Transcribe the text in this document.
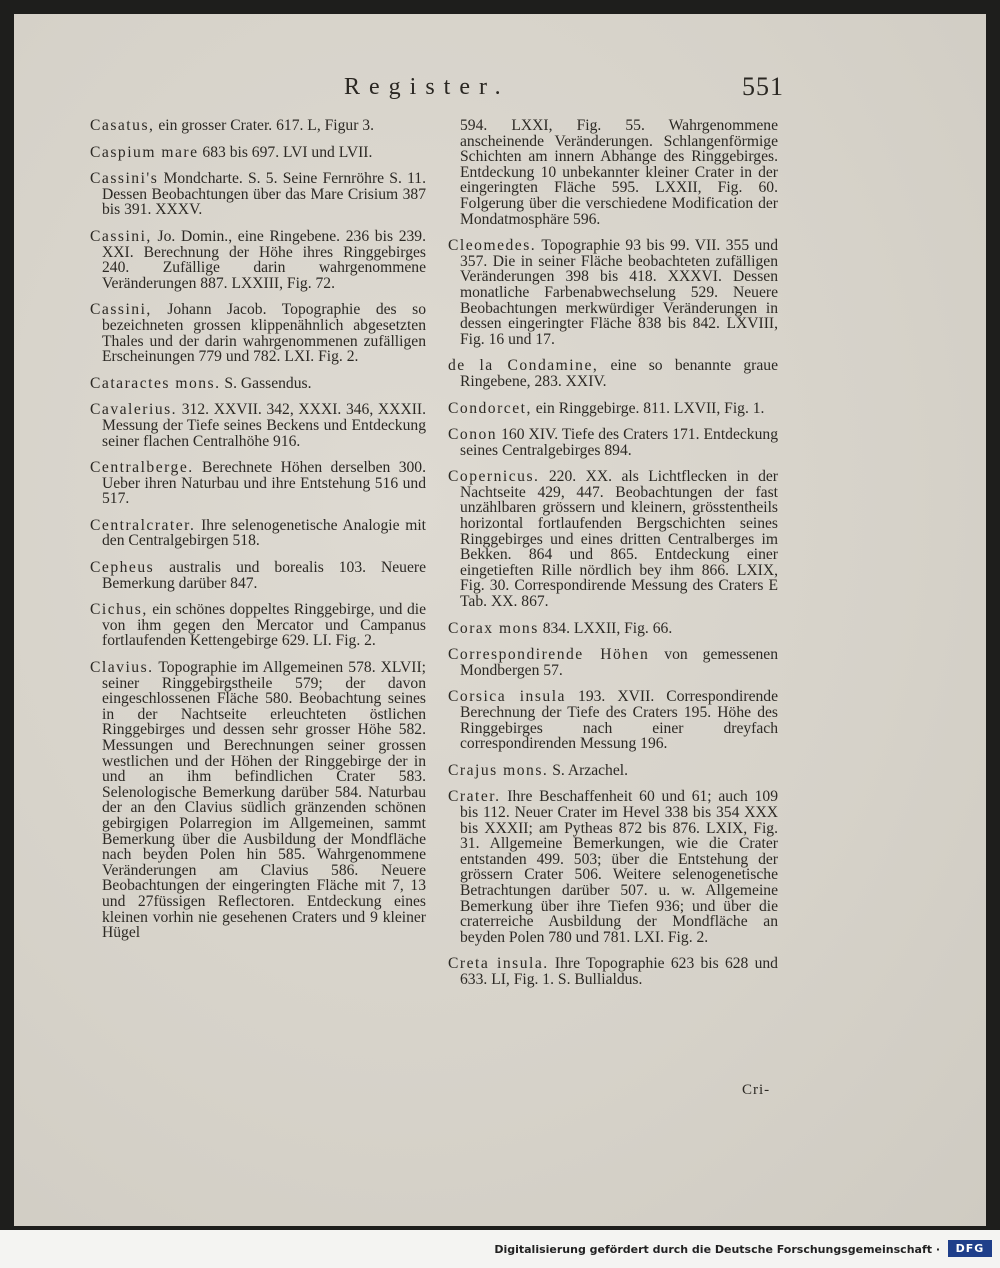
Register.	551
Casatus, ein grosser Crater. 617. L, Figur 3.
Caspium mare 683 bis 697. LVI und LVII.
Cassini's Mondcharte. S. 5. Seine Fernröhre S. 11. Dessen Beobachtungen über das Mare Crisium 387 bis 391. XXXV.
Cassini, Jo. Domin., eine Ringebene. 236 bis 239. XXI. Berechnung der Höhe ihres Ringgebirges 240. Zufällige darin wahrgenommene Veränderungen 887. LXXIII, Fig. 72.
Cassini, Johann Jacob. Topographie des so bezeichneten grossen klippenähnlich abgesetzten Thales und der darin wahrgenommenen zufälligen Erscheinungen 779 und 782. LXI. Fig. 2.
Cataractes mons. S. Gassendus.
Cavalerius. 312. XXVII. 342, XXXI. 346, XXXII. Messung der Tiefe seines Beckens und Entdeckung seiner flachen Centralhöhe 916.
Centralberge. Berechnete Höhen derselben 300. Ueber ihren Naturbau und ihre Entstehung 516 und 517.
Centralcrater. Ihre selenogenetische Analogie mit den Centralgebirgen 518.
Cepheus australis und borealis 103. Neuere Bemerkung darüber 847.
Cichus, ein schönes doppeltes Ringgebirge, und die von ihm gegen den Mercator und Campanus fortlaufenden Kettengebirge 629. LI. Fig. 2.
Clavius. Topographie im Allgemeinen 578. XLVII; seiner Ringgebirgstheile 579; der davon eingeschlossenen Fläche 580. Beobachtung seines in der Nachtseite erleuchteten östlichen Ringgebirges und dessen sehr grosser Höhe 582. Messungen und Berechnungen seiner grossen westlichen und der Höhen der Ringgebirge der in und an ihm befindlichen Crater 583. Selenologische Bemerkung darüber 584. Naturbau der an den Clavius südlich gränzenden schönen gebirgigen Polarregion im Allgemeinen, sammt Bemerkung über die Ausbildung der Mondfläche nach beyden Polen hin 585. Wahrgenommene Veränderungen am Clavius 586. Neuere Beobachtungen der eingeringten Fläche mit 7, 13 und 27füssigen Reflectoren. Entdeckung eines kleinen vorhin nie gesehenen Craters und 9 kleiner Hügel
594. LXXI, Fig. 55. Wahrgenommene anscheinende Veränderungen. Schlangenförmige Schichten am innern Abhange des Ringgebirges. Entdeckung 10 unbekannter kleiner Crater in der eingeringten Fläche 595. LXXII, Fig. 60. Folgerung über die verschiedene Modification der Mondatmosphäre 596.
Cleomedes. Topographie 93 bis 99. VII. 355 und 357. Die in seiner Fläche beobachteten zufälligen Veränderungen 398 bis 418. XXXVI. Dessen monatliche Farbenabwechselung 529. Neuere Beobachtungen merkwürdiger Veränderungen in dessen eingeringter Fläche 838 bis 842. LXVIII, Fig. 16 und 17.
de la Condamine, eine so benannte graue Ringebene, 283. XXIV.
Condorcet, ein Ringgebirge. 811. LXVII, Fig. 1.
Conon 160 XIV. Tiefe des Craters 171. Entdeckung seines Centralgebirges 894.
Copernicus. 220. XX. als Lichtflecken in der Nachtseite 429, 447. Beobachtungen der fast unzählbaren grössern und kleinern, grösstentheils horizontal fortlaufenden Bergschichten seines Ringgebirges und eines dritten Centralberges im Bekken. 864 und 865. Entdeckung einer eingetieften Rille nördlich bey ihm 866. LXIX, Fig. 30. Correspondirende Messung des Craters E Tab. XX. 867.
Corax mons 834. LXXII, Fig. 66.
Correspondirende Höhen von gemessenen Mondbergen 57.
Corsica insula 193. XVII. Correspondirende Berechnung der Tiefe des Craters 195. Höhe des Ringgebirges nach einer dreyfach correspondirenden Messung 196.
Crajus mons. S. Arzachel.
Crater. Ihre Beschaffenheit 60 und 61; auch 109 bis 112. Neuer Crater im Hevel 338 bis 354 XXX bis XXXII; am Pytheas 872 bis 876. LXIX, Fig. 31. Allgemeine Bemerkungen, wie die Crater entstanden 499. 503; über die Entstehung der grössern Crater 506. Weitere selenogenetische Betrachtungen darüber 507. u. w. Allgemeine Bemerkung über ihre Tiefen 936; und über die craterreiche Ausbildung der Mondfläche an beyden Polen 780 und 781. LXI. Fig. 2.
Creta insula. Ihre Topographie 623 bis 628 und 633. LI, Fig. 1. S. Bullialdus.
Cri-
Digitalisierung gefördert durch die Deutsche Forschungsgemeinschaft ·	DFG
